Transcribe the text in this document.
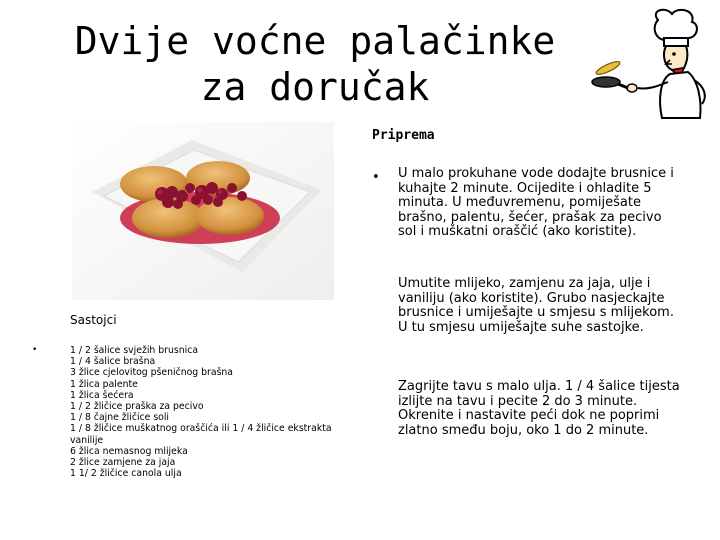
Dvije voćne palačinke za doručak
Sastojci
•	1 / 2 šalice svježih brusnica
1 / 4 šalice brašna
3 žlice cjelovitog pšeničnog brašna
1 žlica palente
1 žlica šećera
1 / 2 žličice praška za pecivo
1 / 8 čajne žličice soli
1 / 8 žličice muškatnog oraščića ili 1 / 4 žličice ekstrakta vanilije
6 žlica nemasnog mlijeka
2 žlice zamjene za jaja
1 1/ 2 žličice canola ulja
Priprema
• U malo prokuhane vode dodajte brusnice i kuhajte 2 minute. Ocijedite i ohladite 5 minuta. U međuvremenu, pomiješate brašno, palentu, šećer, prašak za pecivo sol i muškatni oraščić (ako koristite).

Umutite mlijeko, zamjenu za jaja, ulje i vaniliju (ako koristite). Grubo nasjeckajte brusnice i umiješajte u smjesu s mlijekom. U tu smjesu umiješajte suhe sastojke.

Zagrijte tavu s malo ulja. 1 / 4 šalice tijesta izlijte na tavu i pecite 2 do 3 minute. Okrenite i nastavite peći dok ne poprimi zlatno smeđu boju, oko 1 do 2 minute.
